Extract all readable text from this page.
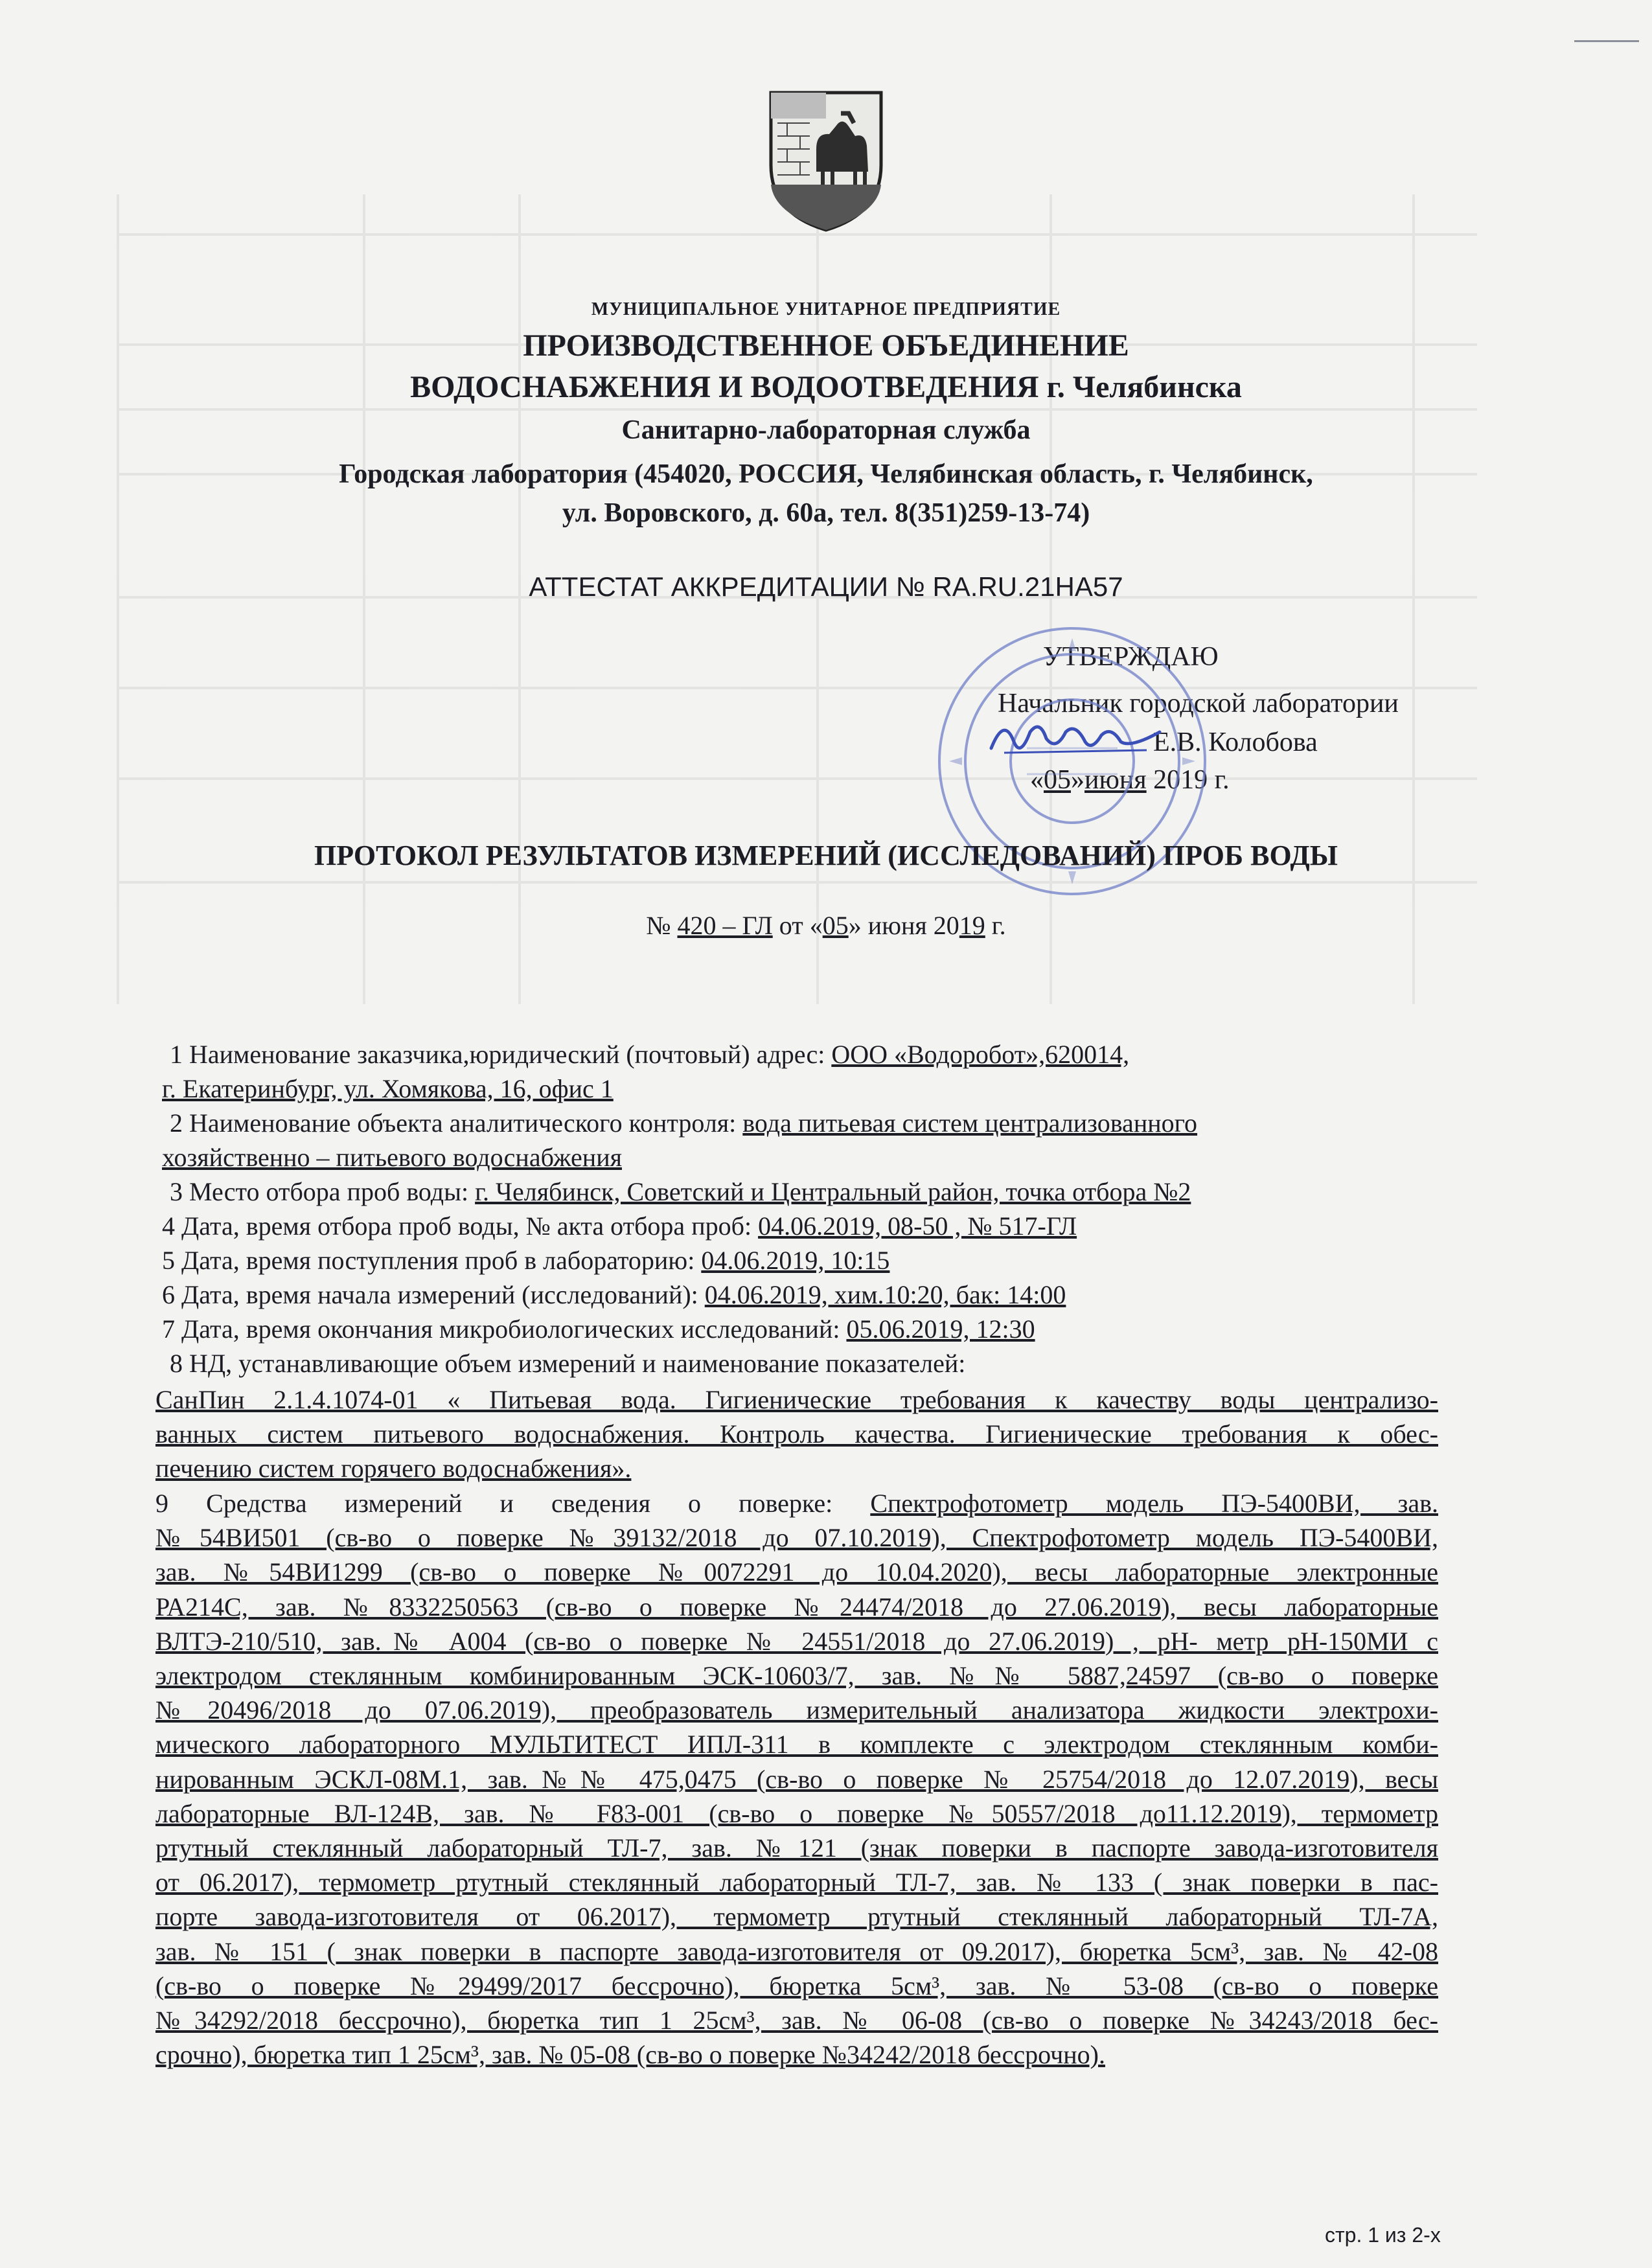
МУНИЦИПАЛЬНОЕ УНИТАРНОЕ ПРЕДПРИЯТИЕ
ПРОИЗВОДСТВЕННОЕ ОБЪЕДИНЕНИЕ
ВОДОСНАБЖЕНИЯ И ВОДООТВЕДЕНИЯ г. Челябинска
Санитарно-лабораторная служба
Городская лаборатория (454020, РОССИЯ, Челябинская область, г. Челябинск,
ул. Воровского, д. 60а, тел. 8(351)259-13-74)
АТТЕСТАТ АККРЕДИТАЦИИ № RA.RU.21HA57
УТВЕРЖДАЮ
Начальник городской лаборатории
Е.В. Колобова
«05»июня 2019 г.
ПРОТОКОЛ РЕЗУЛЬТАТОВ ИЗМЕРЕНИЙ (ИССЛЕДОВАНИЙ) ПРОБ ВОДЫ
№ 420 – ГЛ от «05» июня 2019 г.
1 Наименование заказчика,юридический (почтовый) адрес: ООО «Водоробот»,620014,
г. Екатеринбург, ул. Хомякова, 16, офис 1
2 Наименование объекта аналитического контроля: вода питьевая систем централизованного
хозяйственно – питьевого водоснабжения
3 Место отбора проб воды: г. Челябинск, Советский и Центральный район, точка отбора №2
4 Дата, время отбора проб воды, № акта отбора проб: 04.06.2019, 08-50 , № 517-ГЛ
5 Дата, время поступления проб в лабораторию: 04.06.2019, 10:15
6 Дата, время начала измерений (исследований): 04.06.2019, хим.10:20, бак: 14:00
7 Дата, время окончания микробиологических исследований: 05.06.2019, 12:30
8 НД, устанавливающие объем измерений и наименование показателей:
СанПин 2.1.4.1074-01 « Питьевая вода. Гигиенические требования к качеству воды централизо-
ванных систем питьевого водоснабжения. Контроль качества. Гигиенические требования к обес-
печению систем горячего водоснабжения».
9 Средства измерений и сведения о поверке: Спектрофотометр модель ПЭ-5400ВИ, зав.
№54ВИ501 (св-во о поверке №39132/2018 до 07.10.2019), Спектрофотометр модель ПЭ-5400ВИ,
зав. №54ВИ1299 (св-во о поверке №0072291 до 10.04.2020), весы лабораторные электронные
РА214С, зав. №8332250563 (св-во о поверке №24474/2018 до 27.06.2019), весы лабораторные
ВЛТЭ-210/510, зав.№ А004 (св-во о поверке № 24551/2018 до 27.06.2019) , рН- метр рН-150МИ с
электродом стеклянным комбинированным ЭСК-10603/7, зав. №№ 5887,24597 (св-во о поверке
№20496/2018 до 07.06.2019), преобразователь измерительный анализатора жидкости электрохи-
мического лабораторного МУЛЬТИТЕСТ ИПЛ-311 в комплекте с электродом стеклянным комби-
нированным ЭСКЛ-08М.1, зав.№№ 475,0475 (св-во о поверке № 25754/2018 до 12.07.2019), весы
лабораторные ВЛ-124В, зав. № F83-001 (св-во о поверке №50557/2018 до11.12.2019), термометр
ртутный стеклянный лабораторный ТЛ-7, зав. №121 (знак поверки в паспорте завода-изготовителя
от 06.2017), термометр ртутный стеклянный лабораторный ТЛ-7, зав. № 133 ( знак поверки в пас-
порте завода-изготовителя от 06.2017), термометр ртутный стеклянный лабораторный ТЛ-7А,
зав. № 151 ( знак поверки в паспорте завода-изготовителя от 09.2017), бюретка 5см³, зав. № 42-08
(св-во о поверке №29499/2017 бессрочно), бюретка 5см³, зав. № 53-08 (св-во о поверке
№34292/2018 бессрочно), бюретка тип 1 25см³, зав. № 06-08 (св-во о поверке №34243/2018 бес-
срочно), бюретка тип 1 25см³, зав. № 05-08 (св-во о поверке №34242/2018 бессрочно).
стр. 1 из 2-х
